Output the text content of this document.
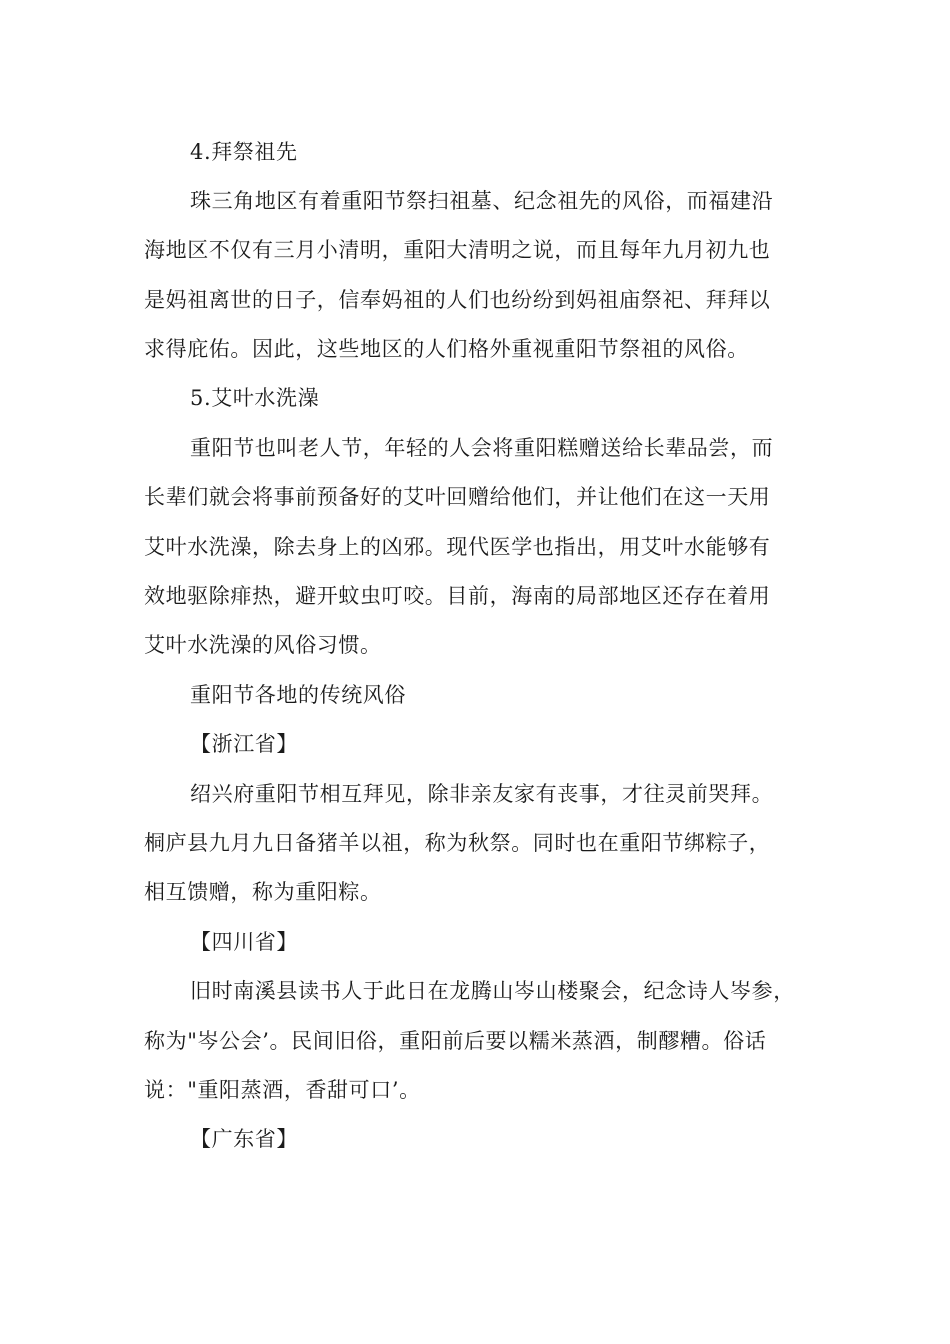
4.拜祭祖先
珠三角地区有着重阳节祭扫祖墓、纪念祖先的风俗，而福建沿
海地区不仅有三月小清明，重阳大清明之说，而且每年九月初九也
是妈祖离世的日子，信奉妈祖的人们也纷纷到妈祖庙祭祀、拜拜以
求得庇佑。因此，这些地区的人们格外重视重阳节祭祖的风俗。
5.艾叶水洗澡
重阳节也叫老人节，年轻的人会将重阳糕赠送给长辈品尝，而
长辈们就会将事前预备好的艾叶回赠给他们，并让他们在这一天用
艾叶水洗澡，除去身上的凶邪。现代医学也指出，用艾叶水能够有
效地驱除痱热，避开蚊虫叮咬。目前，海南的局部地区还存在着用
艾叶水洗澡的风俗习惯。
重阳节各地的传统风俗
【浙江省】
绍兴府重阳节相互拜见，除非亲友家有丧事，才往灵前哭拜。
桐庐县九月九日备猪羊以祖，称为秋祭。同时也在重阳节绑粽子，
相互馈赠，称为重阳粽。
【四川省】
旧时南溪县读书人于此日在龙腾山岑山楼聚会，纪念诗人岑参，
称为"岑公会’。民间旧俗，重阳前后要以糯米蒸酒，制醪糟。俗话
说："重阳蒸酒，香甜可口’。
【广东省】
